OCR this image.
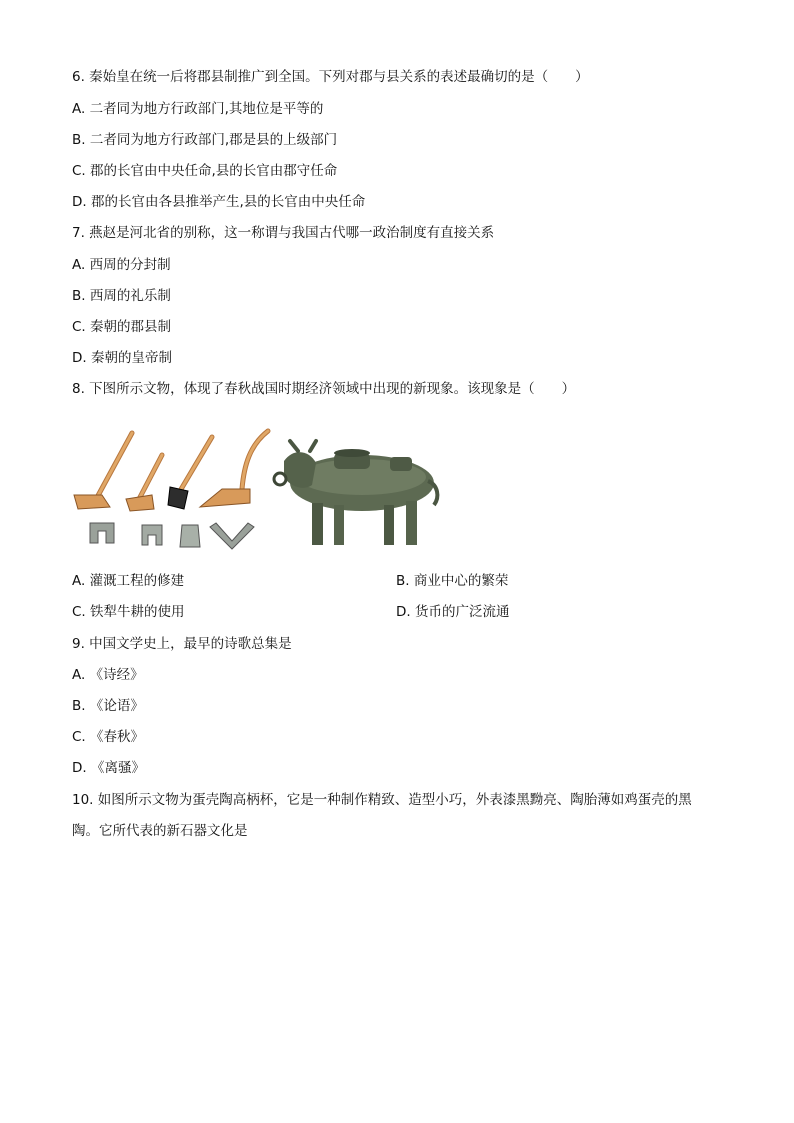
6. 秦始皇在统一后将郡县制推广到全国。下列对郡与县关系的表述最确切的是（　　）
A. 二者同为地方行政部门,其地位是平等的
B. 二者同为地方行政部门,郡是县的上级部门
C. 郡的长官由中央任命,县的长官由郡守任命
D. 郡的长官由各县推举产生,县的长官由中央任命
7. 燕赵是河北省的别称，这一称谓与我国古代哪一政治制度有直接关系
A. 西周的分封制
B. 西周的礼乐制
C. 秦朝的郡县制
D. 秦朝的皇帝制
8. 下图所示文物，体现了春秋战国时期经济领域中出现的新现象。该现象是（　　）
A. 灌溉工程的修建	B. 商业中心的繁荣
C. 铁犁牛耕的使用	D. 货币的广泛流通
9. 中国文学史上，最早的诗歌总集是
A. 《诗经》
B. 《论语》
C. 《春秋》
D. 《离骚》
10. 如图所示文物为蛋壳陶高柄杯，它是一种制作精致、造型小巧，外表漆黑黝亮、陶胎薄如鸡蛋壳的黑
陶。它所代表的新石器文化是
